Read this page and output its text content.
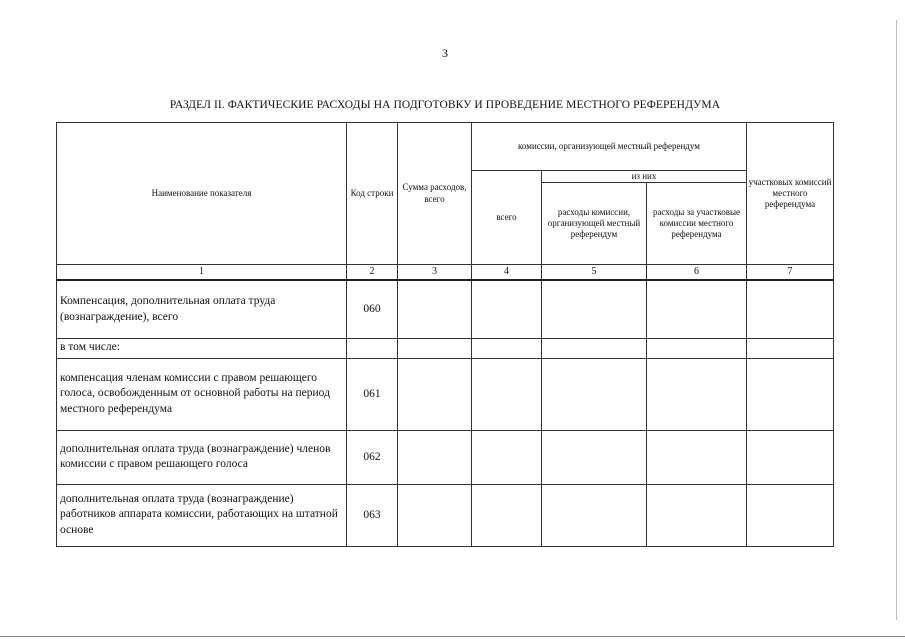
3
РАЗДЕЛ II. ФАКТИЧЕСКИЕ РАСХОДЫ НА ПОДГОТОВКУ И ПРОВЕДЕНИЕ МЕСТНОГО РЕФЕРЕНДУМА
Наименование показателя	Код строки	Сумма расходов, всего	комиссии, организующей местный референдум			участковых комиссий местного референдума
			всего	из них		
				расходы комиссии, организующей местный референдум	расходы за участковые комиссии местного референдума	
1	2	3	4	5	6	7
Компенсация, дополнительная оплата труда (вознаграждение), всего	060					
в том числе:						
компенсация членам комиссии с правом решающего голоса, освобожденным от основной работы на период местного референдума	061					
дополнительная оплата труда (вознаграждение) членов комиссии с правом решающего голоса	062					
дополнительная оплата труда (вознаграждение) работников аппарата комиссии, работающих на штатной основе	063					
